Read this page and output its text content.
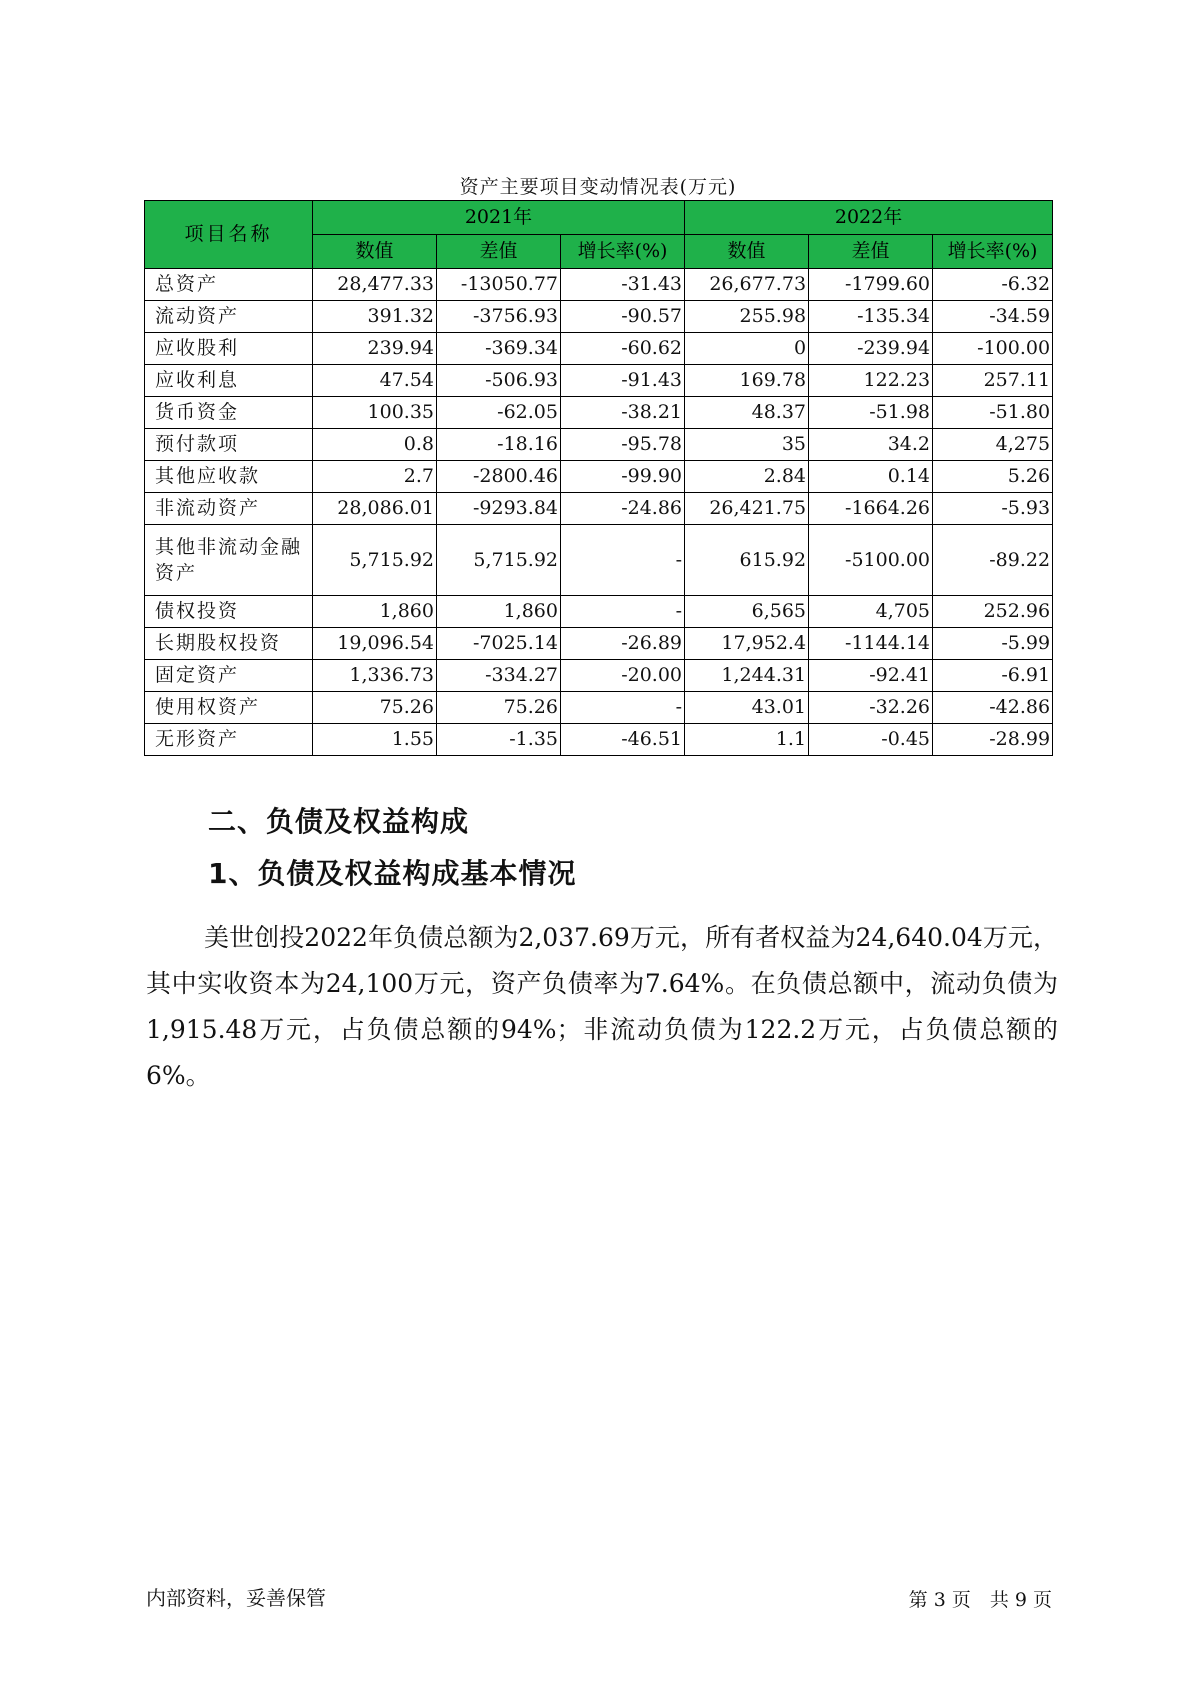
资产主要项目变动情况表(万元)
项目名称	2021年			2022年		
	数值	差值	增长率(%)	数值	差值	增长率(%)
总资产	28,477.33	-13050.77	-31.43	26,677.73	-1799.60	-6.32
流动资产	391.32	-3756.93	-90.57	255.98	-135.34	-34.59
应收股利	239.94	-369.34	-60.62	0	-239.94	-100.00
应收利息	47.54	-506.93	-91.43	169.78	122.23	257.11
货币资金	100.35	-62.05	-38.21	48.37	-51.98	-51.80
预付款项	0.8	-18.16	-95.78	35	34.2	4,275
其他应收款	2.7	-2800.46	-99.90	2.84	0.14	5.26
非流动资产	28,086.01	-9293.84	-24.86	26,421.75	-1664.26	-5.93
其他非流动金融资产	5,715.92	5,715.92	-	615.92	-5100.00	-89.22
债权投资	1,860	1,860	-	6,565	4,705	252.96
长期股权投资	19,096.54	-7025.14	-26.89	17,952.4	-1144.14	-5.99
固定资产	1,336.73	-334.27	-20.00	1,244.31	-92.41	-6.91
使用权资产	75.26	75.26	-	43.01	-32.26	-42.86
无形资产	1.55	-1.35	-46.51	1.1	-0.45	-28.99
二、负债及权益构成
1、负债及权益构成基本情况

美世创投2022年负债总额为2,037.69万元，所有者权益为24,640.04万元，其中实收资本为24,100万元，资产负债率为7.64%。在负债总额中，流动负债为1,915.48万元，占负债总额的94%；非流动负债为122.2万元，占负债总额的6%。

内部资料，妥善保管	第 3 页　共 9 页
